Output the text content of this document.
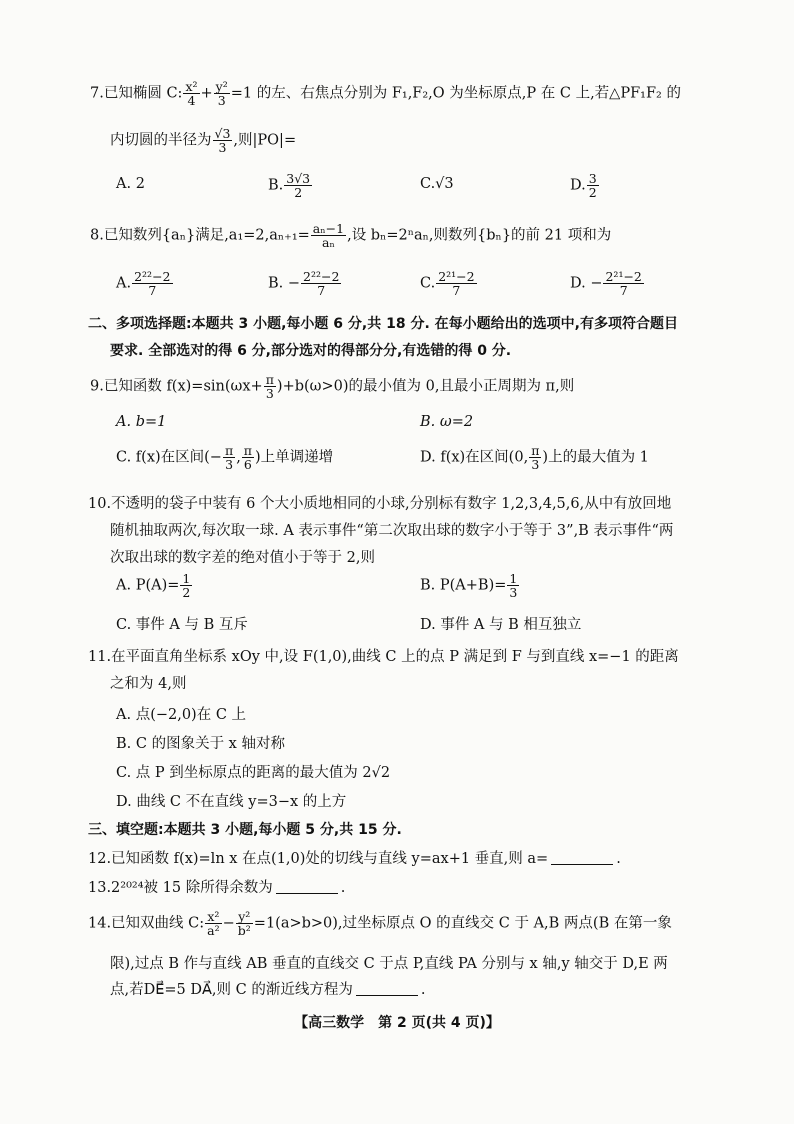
7.已知椭圆 C: $\frac{\text{x²}}{4} + \frac{\text{y²}}{3} =1$ 的左、右焦点分别为 F₁,F₂,O 为坐标原点,P 在 C 上,若△PF₁F₂ 的
内切圆的半径为 $\frac{√3}{3}$ ,则|PO|=
A. 2	B. $\frac{3√3}{2}$	C.√3	D. $\frac{3}{2}$
8.已知数列{aₙ}满足$,a_1=2,a_{n+1}= \frac{\text{aₙ−1}}{\text{aₙ}}$ ,设 bₙ=2ⁿaₙ,则数列{bₙ}的前 21 项和为
A. $\frac{\text{2²²−2}}{7}$	B. − $\frac{\text{2²²−2}}{7}$	C. $\frac{\text{2²¹−2}}{7}$	D. − $\frac{\text{2²¹−2}}{7}$
二、多项选择题:本题共 3 小题,每小题 6 分,共 18 分. 在每小题给出的选项中,有多项符合题目
要求. 全部选对的得 6 分,部分选对的得部分分,有选错的得 0 分.
9.已知函数 $f(x)=\sin(\omega x+ \frac{\pi}{3} )+b(\omega>0)$的最小值为 0,且最小正周期为 π,则
A. b=1	B. ω=2
C. f(x)在区间(− $\frac{\pi}{3}$ , $\frac{\pi}{6}$ )上单调递增	D. f(x)在区间(0, $\frac{\pi}{3}$ )上的最大值为 1
10.不透明的袋子中装有 6 个大小质地相同的小球,分别标有数字 1,2,3,4,5,6,从中有放回地
随机抽取两次,每次取一球. A 表示事件“第二次取出球的数字小于等于 3”,B 表示事件“两
次取出球的数字差的绝对值小于等于 2,则
A. $P(A)= \frac{1}{2}$	B. $P(A+B)= \frac{1}{3}$
C. 事件 A 与 B 互斥	D. 事件 A 与 B 相互独立
11.在平面直角坐标系 xOy 中,设 F(1,0),曲线 C 上的点 P 满足到 F 与到直线 x=−1 的距离
之和为 4,则
A. 点(−2,0)在 C 上
B. C 的图象关于 x 轴对称
C. 点 P 到坐标原点的距离的最大值为 2√2
D. 曲线 C 不在直线 y=3−x 的上方
三、填空题:本题共 3 小题,每小题 5 分,共 15 分.
12.已知函数 f(x)=ln x 在点(1,0)处的切线与直线 y=ax+1 垂直,则 a=	.
13.2²⁰²⁴被 15 除所得余数为	.
14.已知双曲线 C: $\frac{\text{x²}}{\text{a²}} - \frac{\text{y²}}{\text{b²}} =1(a>b>0)$,过坐标原点 O 的直线交 C 于 A,B 两点(B 在第一象
限),过点 B 作与直线 AB 垂直的直线交 C 于点 P,直线 PA 分别与 x 轴,y 轴交于 D,E 两
点,若DE⃗=5 DA⃗,则 C 的渐近线方程为	.
【高三数学　第 2 页(共 4 页)】
